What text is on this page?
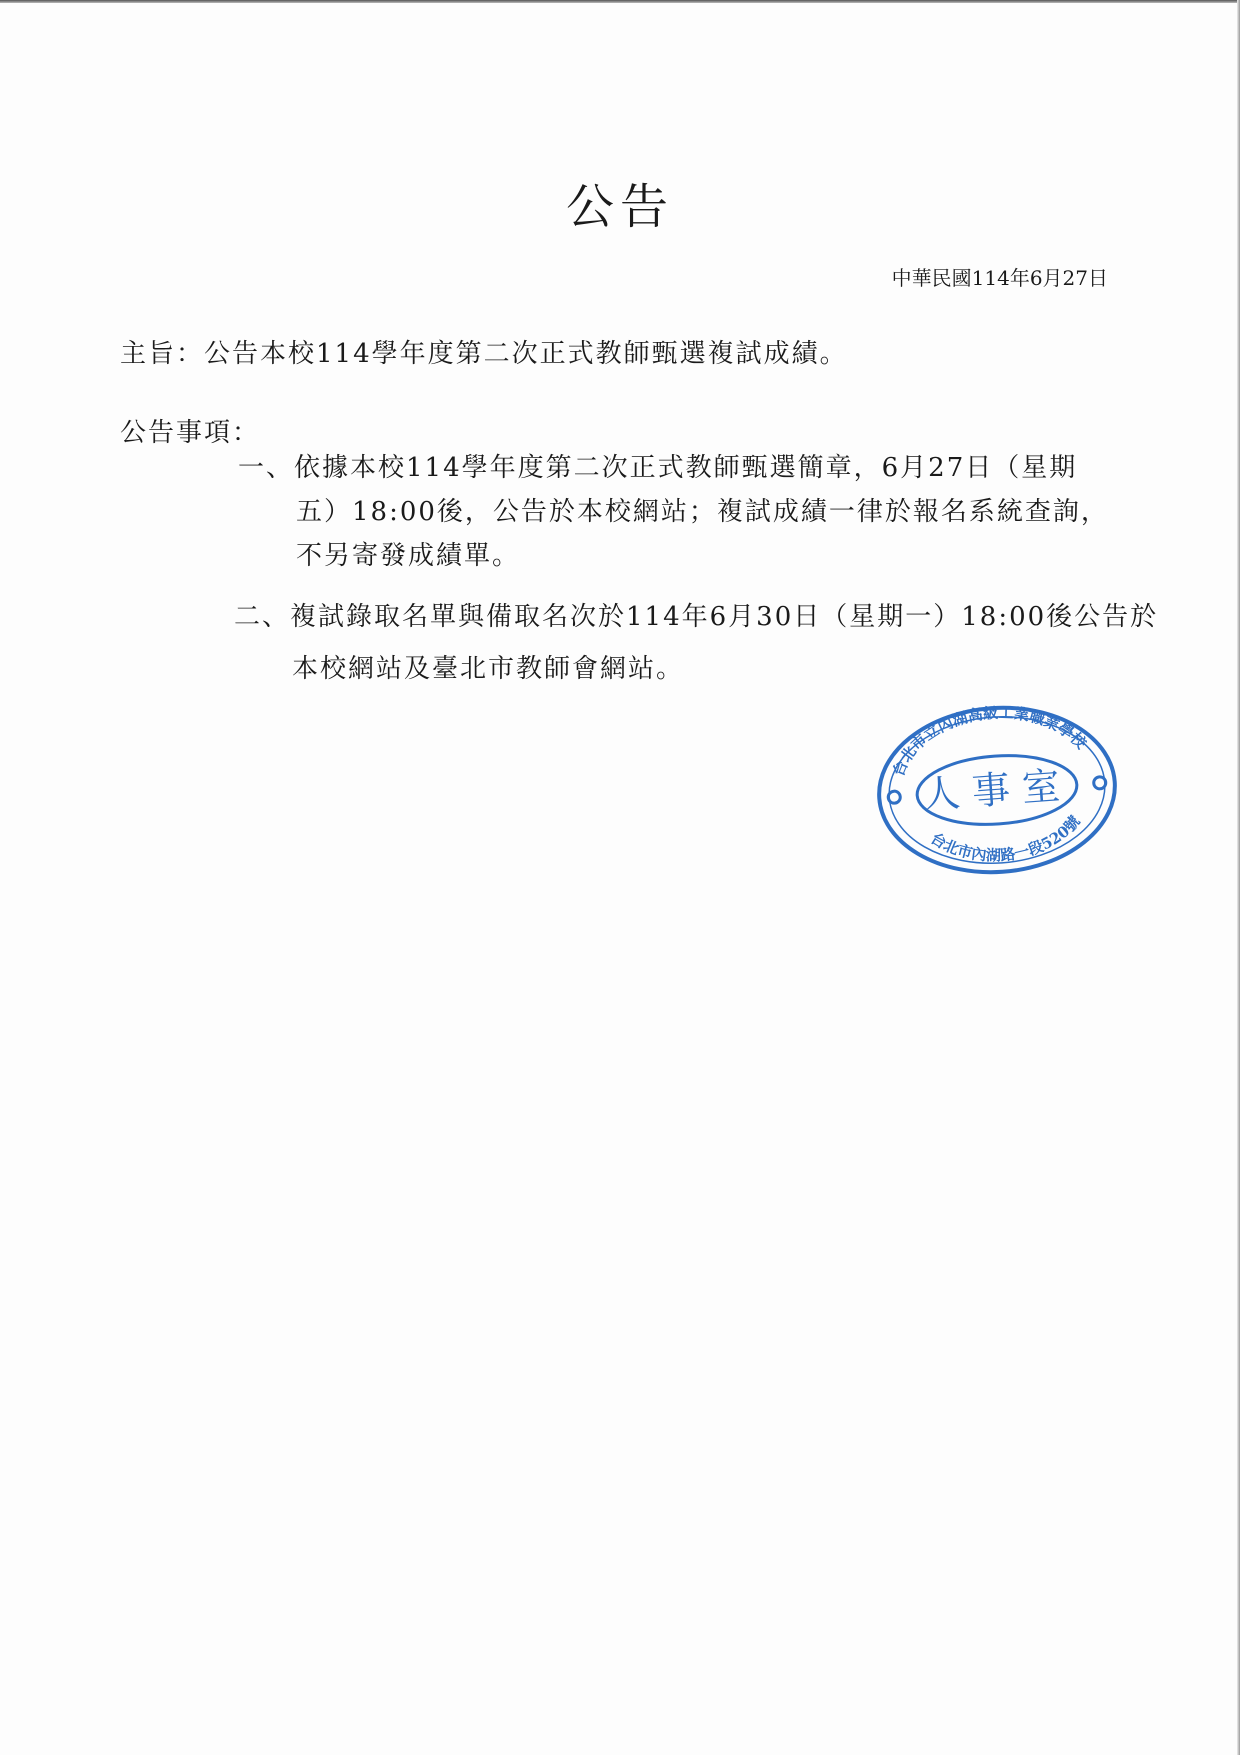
公告

中華民國114年6月27日

主旨：公告本校114學年度第二次正式教師甄選複試成績。

公告事項：

一、依據本校114學年度第二次正式教師甄選簡章，6月27日（星期
五）18:00後，公告於本校網站；複試成績一律於報名系統查詢，
不另寄發成績單。
二、複試錄取名單與備取名次於114年6月30日（星期一）18:00後公告於
本校網站及臺北市教師會網站。
台北市立內湖高級工業職業學校
台北市內湖路一段520號
人事室
